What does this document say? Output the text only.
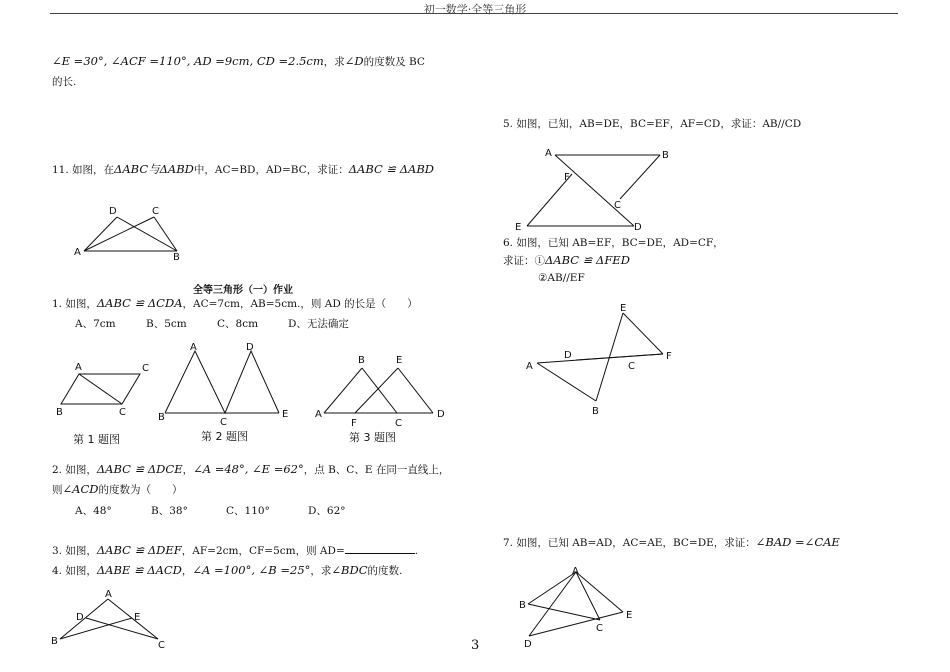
初一数学·全等三角形
∠E =30°, ∠ACF =110°, AD =9cm, CD =2.5cm，求∠D的度数及 BC
的长.
11. 如图，在ΔABC与ΔABD中，AC=BD，AD=BC，求证：ΔABC ≌ ΔABD
D	C
A	B
全等三角形（一）作业
1. 如图，ΔABC ≌ ΔCDA，AC=7cm，AB=5cm.，则 AD 的长是（　　）
A、7cm	B、5cm	C、8cm	D、无法确定
A	C
B	C
第 1 题图
A	D
B	C
E
第 2 题图
B	E
A
F	C
D
第 3 题图
2. 如图，ΔABC ≌ ΔDCE，∠A =48°, ∠E =62°，点 B、C、E 在同一直线上，
则∠ACD的度数为（　　）
A、48°	B、38°	C、110°	D、62°
3. 如图，ΔABC ≌ ΔDEF，AF=2cm，CF=5cm，则 AD=	.
4. 如图，ΔABE ≌ ΔACD，∠A =100°, ∠B =25°，求∠BDC的度数.
A
D	E
B	C	3
5. 如图，已知，AB=DE，BC=EF，AF=CD，求证：AB//CD
A	B
F
C
E	D
6. 如图，已知 AB=EF，BC=DE，AD=CF，
求证：①ΔABC ≌ ΔFED
②AB//EF
E
D	F
A	C
B
7. 如图，已知 AB=AD，AC=AE，BC=DE，求证：∠BAD =∠CAE
A
B
E
C
D
